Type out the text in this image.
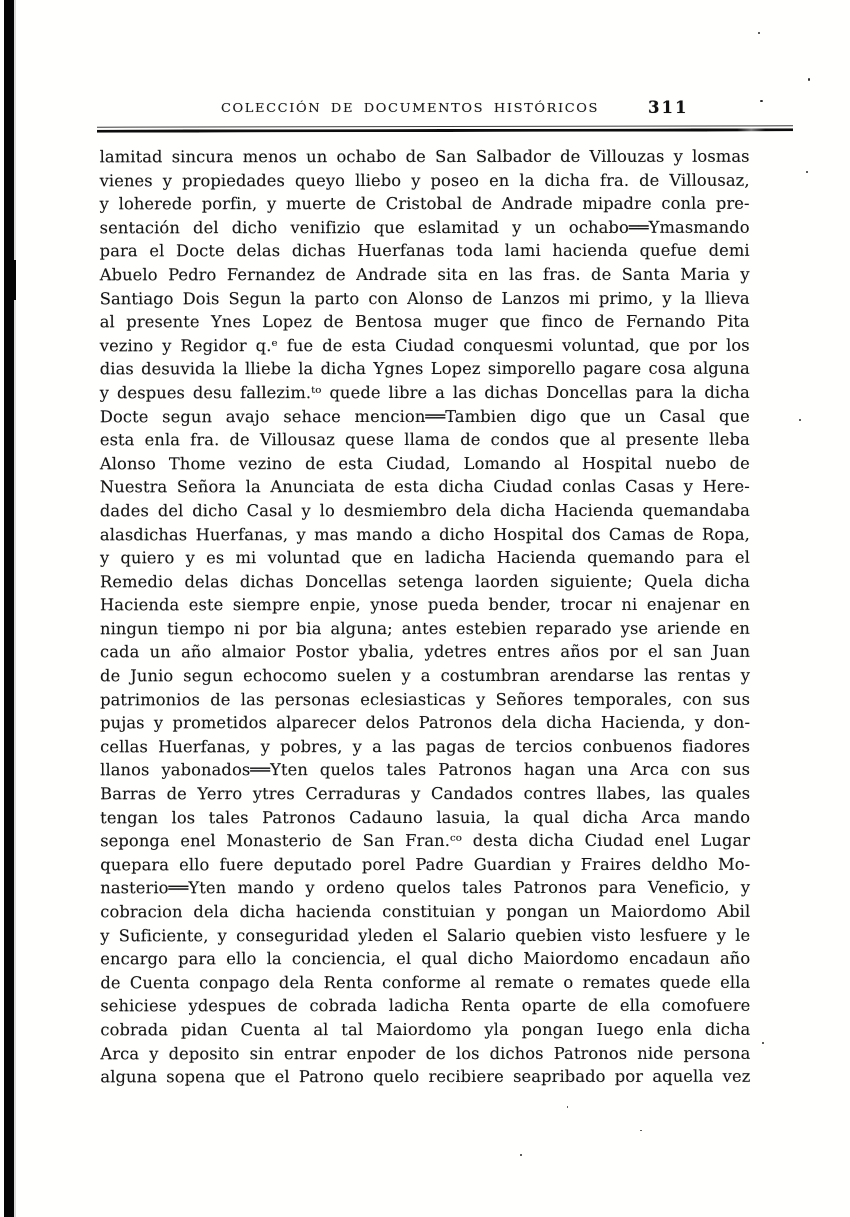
COLECCIÓN DE DOCUMENTOS HISTÓRICOS	311

lamitad sincura menos un ochabo de San Salbador de Villouzas y losmas

vienes y propiedades queyo lliebo y poseo en la dicha fra. de Villousaz,

y loherede porfin, y muerte de Cristobal de Andrade mipadre conla pre-

sentación del dicho venifizio que eslamitad y un ochabo══Ymasmando

para el Docte delas dichas Huerfanas toda lami hacienda quefue demi

Abuelo Pedro Fernandez de Andrade sita en las fras. de Santa Maria y

Santiago Dois Segun la parto con Alonso de Lanzos mi primo, y la llieva

al presente Ynes Lopez de Bentosa muger que finco de Fernando Pita

vezino y Regidor q.ᵉ fue de esta Ciudad conquesmi voluntad, que por los

dias desuvida la lliebe la dicha Ygnes Lopez simporello pagare cosa alguna

y despues desu fallezim.ᵗᵒ quede libre a las dichas Doncellas para la dicha

Docte segun avajo sehace mencion══Tambien digo que un Casal que

esta enla fra. de Villousaz quese llama de condos que al presente lleba

Alonso Thome vezino de esta Ciudad, Lomando al Hospital nuebo de

Nuestra Señora la Anunciata de esta dicha Ciudad conlas Casas y Here-

dades del dicho Casal y lo desmiembro dela dicha Hacienda quemandaba

alasdichas Huerfanas, y mas mando a dicho Hospital dos Camas de Ropa,

y quiero y es mi voluntad que en ladicha Hacienda quemando para el

Remedio delas dichas Doncellas setenga laorden siguiente; Quela dicha

Hacienda este siempre enpie, ynose pueda bender, trocar ni enajenar en

ningun tiempo ni por bia alguna; antes estebien reparado yse ariende en

cada un año almaior Postor ybalia, ydetres entres años por el san Juan

de Junio segun echocomo suelen y a costumbran arendarse las rentas y

patrimonios de las personas eclesiasticas y Señores temporales, con sus

pujas y prometidos alparecer delos Patronos dela dicha Hacienda, y don-

cellas Huerfanas, y pobres, y a las pagas de tercios conbuenos fiadores

llanos yabonados══Yten quelos tales Patronos hagan una Arca con sus

Barras de Yerro ytres Cerraduras y Candados contres llabes, las quales

tengan los tales Patronos Cadauno lasuia, la qual dicha Arca mando

seponga enel Monasterio de San Fran.ᶜᵒ desta dicha Ciudad enel Lugar

quepara ello fuere deputado porel Padre Guardian y Fraires deldho Mo-

nasterio══Yten mando y ordeno quelos tales Patronos para Veneficio, y

cobracion dela dicha hacienda constituian y pongan un Maiordomo Abil

y Suficiente, y conseguridad yleden el Salario quebien visto lesfuere y le

encargo para ello la conciencia, el qual dicho Maiordomo encadaun año

de Cuenta conpago dela Renta conforme al remate o remates quede ella

sehiciese ydespues de cobrada ladicha Renta oparte de ella comofuere

cobrada pidan Cuenta al tal Maiordomo yla pongan Iuego enla dicha

Arca y deposito sin entrar enpoder de los dichos Patronos nide persona

alguna sopena que el Patrono quelo recibiere seapribado por aquella vez
